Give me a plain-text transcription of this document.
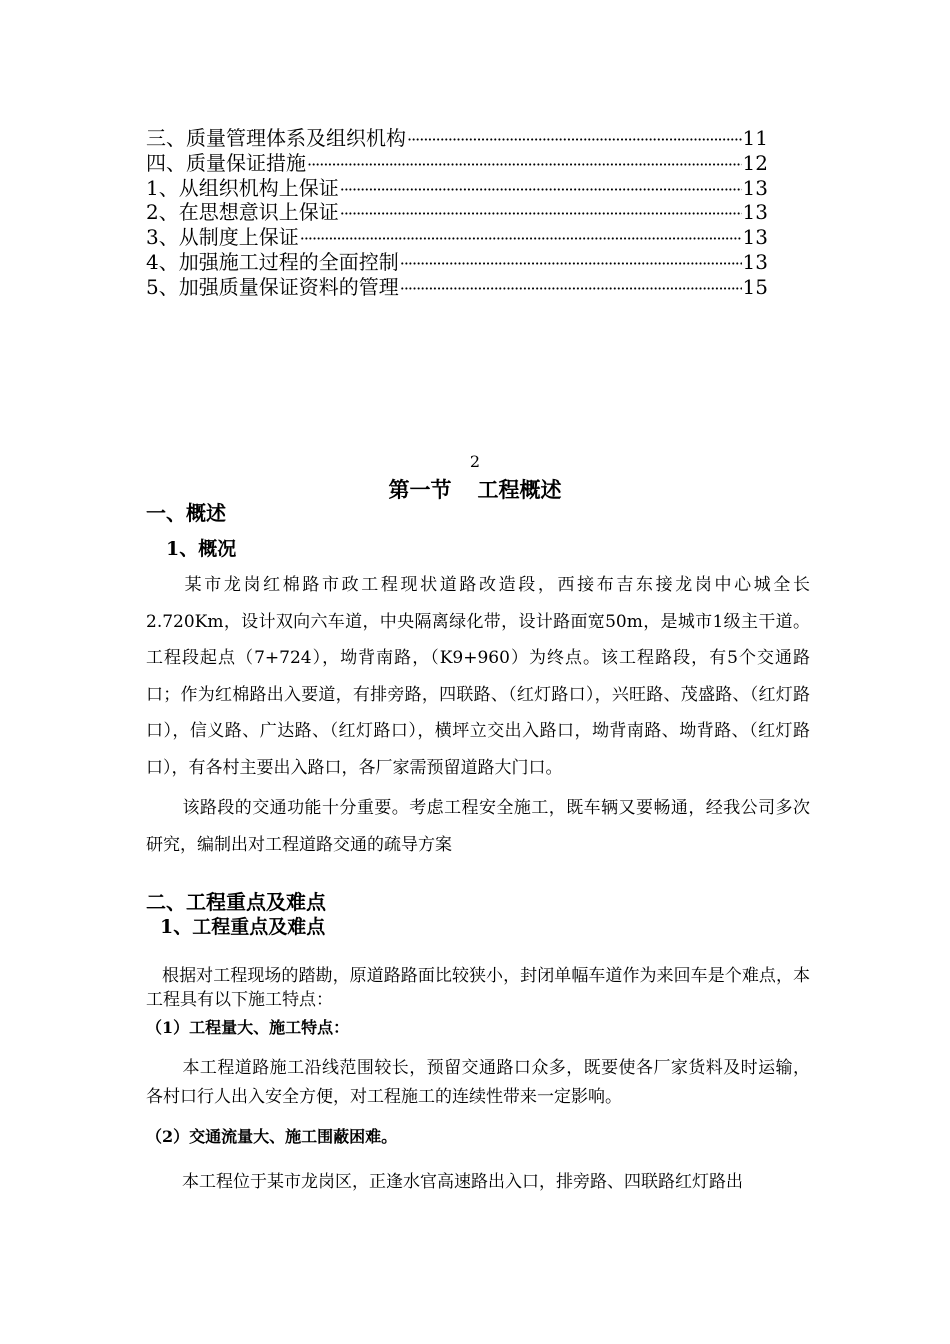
三、质量管理体系及组织机构 ·····	11
四、质量保证措施 ·····	12
1、从组织机构上保证 ·····	13
2、在思想意识上保证 ·····	13
3、从制度上保证 ·····	13
4、加强施工过程的全面控制 ·····	13
5、加强质量保证资料的管理 ·····	15
2
第一节 工程概述
一、概述
1、概况

某市龙岗红棉路市政工程现状道路改造段，西接布吉东接龙岗中心城全长2.720Km，设计双向六车道，中央隔离绿化带，设计路面宽50m，是城市1级主干道。工程段起点（7+724），坳背南路，（K9+960）为终点。该工程路段，有5个交通路口；作为红棉路出入要道，有排旁路，四联路、（红灯路口），兴旺路、茂盛路、（红灯路口），信义路、广达路、（红灯路口），横坪立交出入路口，坳背南路、坳背路、（红灯路口），有各村主要出入路口，各厂家需预留道路大门口。

该路段的交通功能十分重要。考虑工程安全施工，既车辆又要畅通，经我公司多次研究，编制出对工程道路交通的疏导方案

二、工程重点及难点
1、工程重点及难点

根据对工程现场的踏勘，原道路路面比较狭小，封闭单幅车道作为来回车是个难点，本工程具有以下施工特点：

（1）工程量大、施工特点：

本工程道路施工沿线范围较长，预留交通路口众多，既要使各厂家货料及时运输，各村口行人出入安全方便，对工程施工的连续性带来一定影响。

（2）交通流量大、施工围蔽困难。

本工程位于某市龙岗区，正逢水官高速路出入口，排旁路、四联路红灯路出
